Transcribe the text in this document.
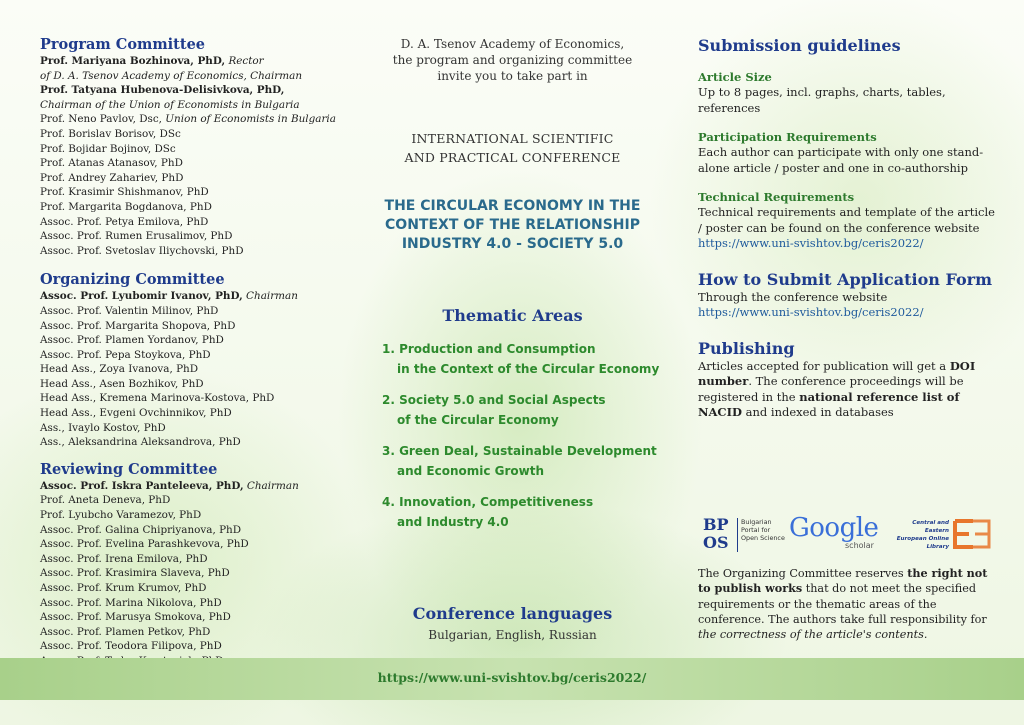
Program Committee
Prof. Mariyana Bozhinova, PhD, Rector
of D. A. Tsenov Academy of Economics, Chairman
Prof. Tatyana Hubenova-Delisivkova, PhD,
Chairman of the Union of Economists in Bulgaria
Prof. Neno Pavlov, Dsc, Union of Economists in Bulgaria
Prof. Borislav Borisov, DSc
Prof. Bojidar Bojinov, DSc
Prof. Atanas Atanasov, PhD
Prof. Andrey Zahariev, PhD
Prof. Krasimir Shishmanov, PhD
Prof. Margarita Bogdanova, PhD
Assoc. Prof. Petya Emilova, PhD
Assoc. Prof. Rumen Erusalimov, PhD
Assoc. Prof. Svetoslav Iliychovski, PhD
Organizing Committee
Assoc. Prof. Lyubomir Ivanov, PhD, Chairman
Assoc. Prof. Valentin Milinov, PhD
Assoc. Prof. Margarita Shopova, PhD
Assoc. Prof. Plamen Yordanov, PhD
Assoc. Prof. Pepa Stoykova, PhD
Head Ass., Zoya Ivanova, PhD
Head Ass., Asen Bozhikov, PhD
Head Ass., Kremena Marinova-Kostova, PhD
Head Ass., Evgeni Ovchinnikov, PhD
Ass., Ivaylo Kostov, PhD
Ass., Aleksandrina Aleksandrova, PhD
Reviewing Committee
Assoc. Prof. Iskra Panteleeva, PhD, Chairman
Prof. Aneta Deneva, PhD
Prof. Lyubcho Varamezov, PhD
Assoc. Prof. Galina Chipriyanova, PhD
Assoc. Prof. Evelina Parashkevova, PhD
Assoc. Prof. Irena Emilova, PhD
Assoc. Prof. Krasimira Slaveva, PhD
Assoc. Prof. Krum Krumov, PhD
Assoc. Prof. Marina Nikolova, PhD
Assoc. Prof. Marusya Smokova, PhD
Assoc. Prof. Plamen Petkov, PhD
Assoc. Prof. Teodora Filipova, PhD
D. A. Tsenov Academy of Economics,
the program and organizing committee
invite you to take part in
INTERNATIONAL SCIENTIFIC
AND PRACTICAL CONFERENCE
THE CIRCULAR ECONOMY IN THE
CONTEXT OF THE RELATIONSHIP
INDUSTRY 4.0 - SOCIETY 5.0
Thematic Areas
1. Production and Consumption
in the Context of the Circular Economy
2. Society 5.0 and Social Aspects
of the Circular Economy
3. Green Deal, Sustainable Development
and Economic Growth
4. Innovation, Competitiveness
and Industry 4.0
Conference languages
Bulgarian, English, Russian
Submission guidelines

Article Size

Up to 8 pages, incl. graphs, charts, tables, references

Participation Requirements

Each author can participate with only one stand-alone article / poster and one in co-authorship

Technical Requirements

Technical requirements and template of the article / poster can be found on the conference website

https://www.uni-svishtov.bg/ceris2022/

How to Submit Application Form

Through the conference website

https://www.uni-svishtov.bg/ceris2022/

Publishing

Articles accepted for publication will get a DOI number. The conference proceedings will be registered in the national reference list of NACID and indexed in databases

The Organizing Committee reserves the right not to publish works that do not meet the specified requirements or the thematic areas of the conference. The authors take full responsibility for the correctness of the article's contents.

BP OS
Bulgarian Portal for Open Science Google
scholar
Central and Eastern European Online Library
https://www.uni-svishtov.bg/ceris2022/
